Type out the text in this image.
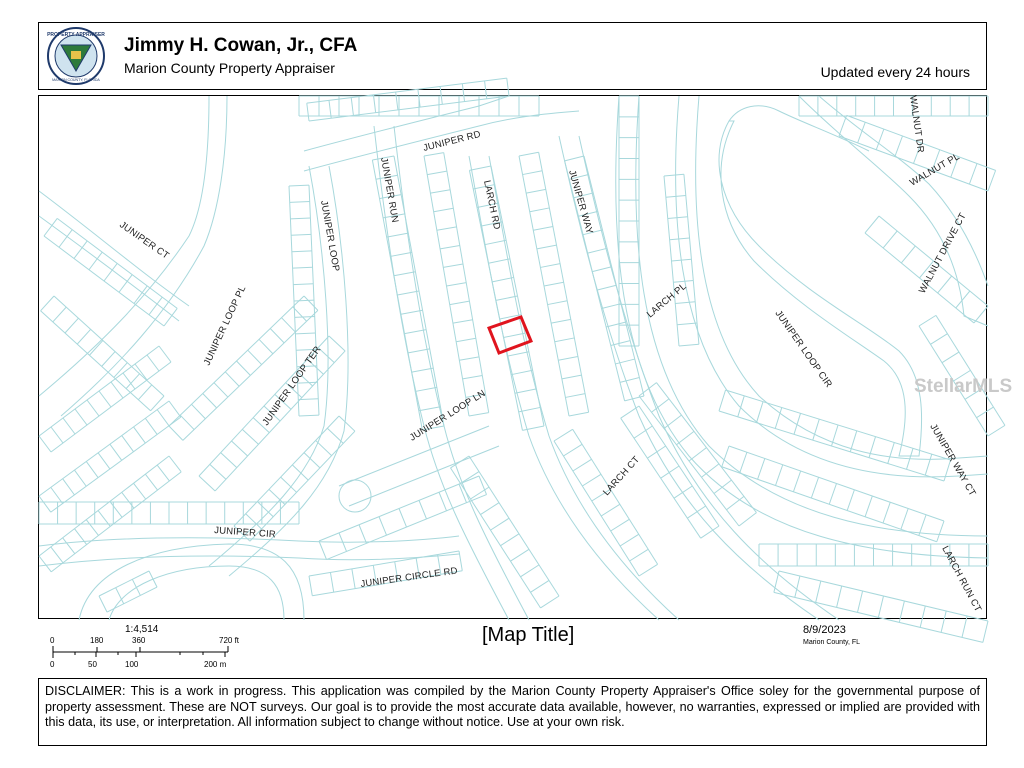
PROPERTY APPRAISER
MARION COUNTY, FLORIDA
Jimmy H. Cowan, Jr., CFA
Marion County Property Appraiser	Updated every 24 hours
JUNIPER RD
JUNIPER RUN	LARCH RD	JUNIPER WAY
JUNIPER LOOP
JUNIPER CT
JUNIPER LOOP PL
JUNIPER LOOP TER	JUNIPER LOOP LN
JUNIPER CIR
JUNIPER CIRCLE RD
LARCH CT
LARCH PL
JUNIPER LOOP CIR
WALNUT DR
WALNUT PL
WALNUT DRIVE CT
JUNIPER WAY CT
LARCH RUN CT
StellarMLS
1:4,514
0	180	360	720 ft
0	50	100	200 m
[Map Title]	8/9/2023
Marion County, FL
DISCLAIMER: This is a work in progress. This application was compiled by the Marion County Property Appraiser's Office soley for the governmental purpose of property assessment. These are NOT surveys. Our goal is to provide the most accurate data available, however, no warranties, expressed or implied are provided with this data, its use, or interpretation. All information subject to change without notice. Use at your own risk.
